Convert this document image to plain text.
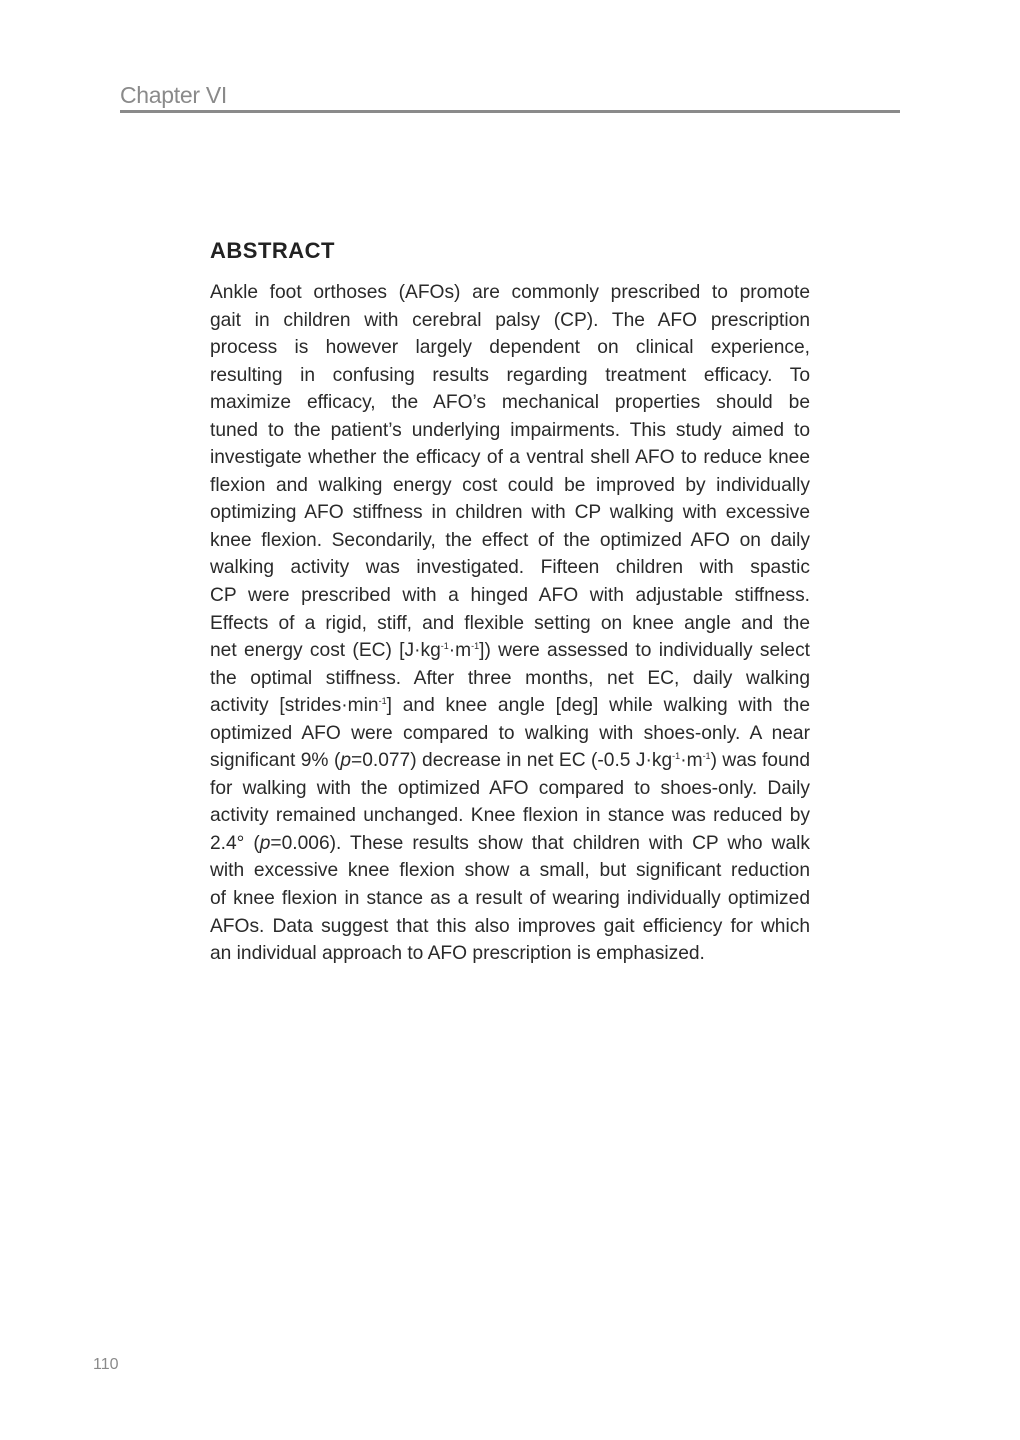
Chapter VI
ABSTRACT
Ankle foot orthoses (AFOs) are commonly prescribed to promote
gait in children with cerebral palsy (CP). The AFO prescription
process is however largely dependent on clinical experience,
resulting in confusing results regarding treatment efficacy. To
maximize efficacy, the AFO’s mechanical properties should be
tuned to the patient’s underlying impairments. This study aimed to
investigate whether the efficacy of a ventral shell AFO to reduce knee
flexion and walking energy cost could be improved by individually
optimizing AFO stiffness in children with CP walking with excessive
knee flexion. Secondarily, the effect of the optimized AFO on daily
walking activity was investigated. Fifteen children with spastic
CP were prescribed with a hinged AFO with adjustable stiffness.
Effects of a rigid, stiff, and flexible setting on knee angle and the
net energy cost (EC) $[J\cdot kg^{-1}\cdot m^{-1}]$) were assessed to individually select
the optimal stiffness. After three months, net EC, daily walking
activity $[strides\cdot\min^{-1}]$ and knee angle [deg] while walking with the
optimized AFO were compared to walking with shoes-only. A near
significant 9% (p=0.077) decrease in net EC (-0.5 $J\cdot kg^{-1}\cdot m^{-1}$) was found
for walking with the optimized AFO compared to shoes-only. Daily
activity remained unchanged. Knee flexion in stance was reduced by
2.4° (p=0.006). These results show that children with CP who walk
with excessive knee flexion show a small, but significant reduction
of knee flexion in stance as a result of wearing individually optimized
AFOs. Data suggest that this also improves gait efficiency for which
an individual approach to AFO prescription is emphasized.
110
